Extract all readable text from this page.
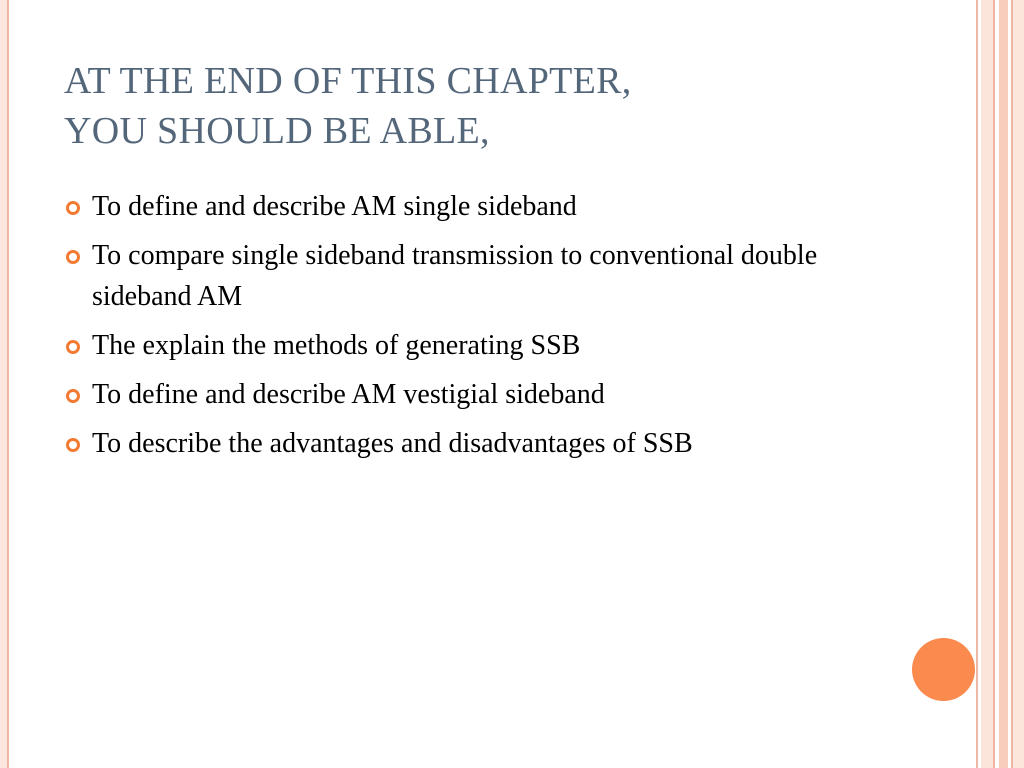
AT THE END OF THIS CHAPTER,
YOU SHOULD BE ABLE,
To define and describe AM single sideband
To compare single sideband transmission to conventional double sideband AM
The explain the methods of generating SSB
To define and describe AM vestigial sideband
To describe the advantages and disadvantages of SSB
